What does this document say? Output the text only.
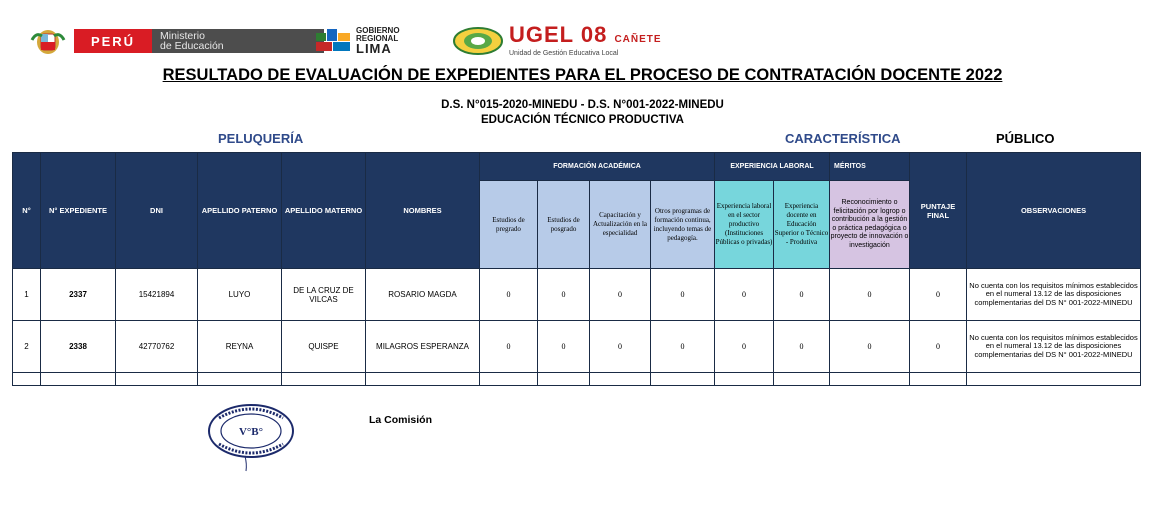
PERÚ	Ministerio
de Educación
GOBIERNO
REGIONAL
LIMA
UGEL 08 CAÑETE
Unidad de Gestión Educativa Local
RESULTADO DE EVALUACIÓN DE EXPEDIENTES PARA EL PROCESO DE CONTRATACIÓN DOCENTE 2022
D.S. N°015-2020-MINEDU - D.S. N°001-2022-MINEDU
EDUCACIÓN TÉCNICO PRODUCTIVA
PELUQUERÍA	CARACTERÍSTICA	PÚBLICO
N°	N° EXPEDIENTE	DNI	APELLIDO PATERNO	APELLIDO MATERNO	NOMBRES	FORMACIÓN ACADÉMICA				EXPERIENCIA LABORAL		MÉRITOS	PUNTAJE FINAL	OBSERVACIONES
						Estudios de pregrado	Estudios de posgrado	Capacitación y Actualización en la especialidad	Otros programas de formación continua, incluyendo temas de pedagogía.	Experiencia laboral en el sector productivo (Instituciones Públicas o privadas)	Experiencia docente en Educación Superior o Técnico - Produtiva	Reconocimiento o felicitación por logrop o contribución a la gestión o práctica pedagógica o proyecto de innovación o investigación		
1	2337	15421894	LUYO	DE LA CRUZ DE VILCAS	ROSARIO MAGDA	0	0	0	0	0	0	0	0	No cuenta con los requisitos mínimos establecidos en el numeral 13.12 de las disposiciones complementarias del DS N° 001-2022-MINEDU
2	2338	42770762	REYNA	QUISPE	MILAGROS ESPERANZA	0	0	0	0	0	0	0	0	No cuenta con los requisitos mínimos establecidos en el numeral 13.12 de las disposiciones complementarias del DS N° 001-2022-MINEDU

V°B°
La Comisión
